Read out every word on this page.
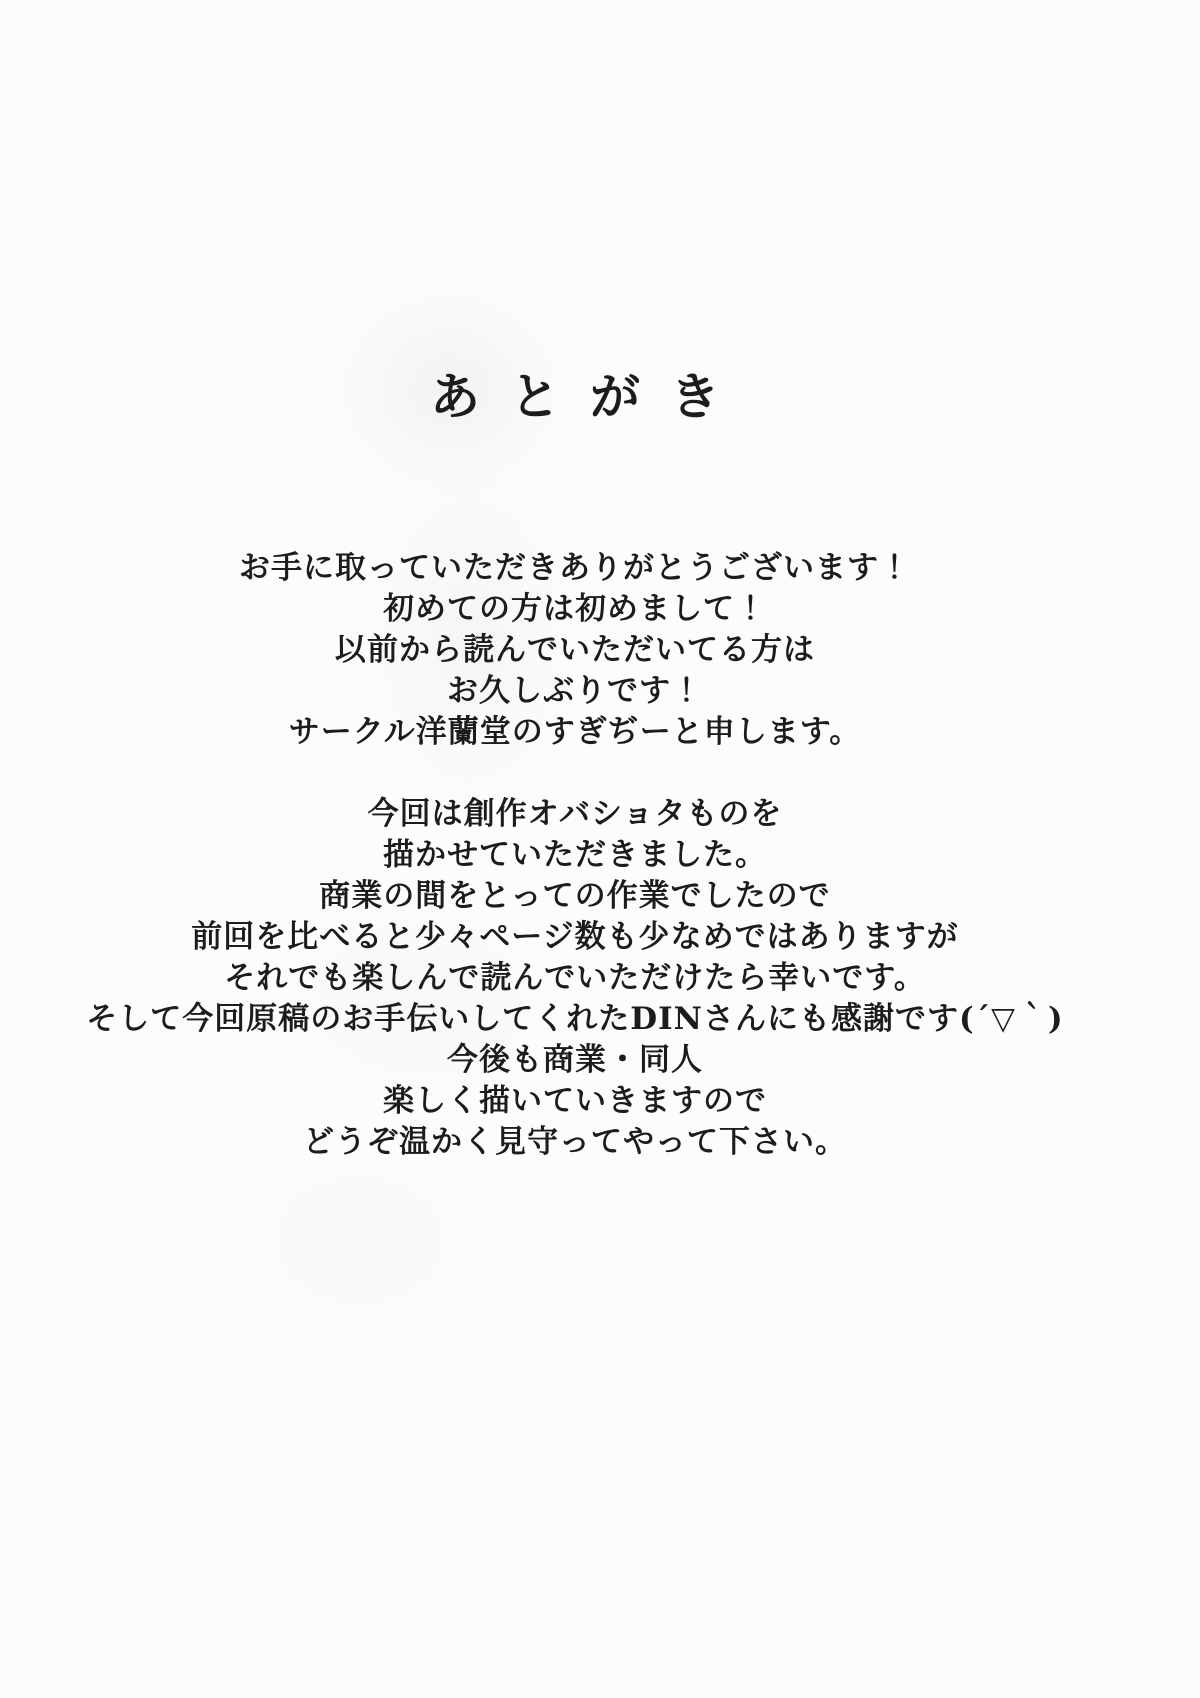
あとがき

お手に取っていただきありがとうございます！

初めての方は初めまして！

以前から読んでいただいてる方は

お久しぶりです！

サークル洋蘭堂のすぎぢーと申します。

今回は創作オバショタものを

描かせていただきました。

商業の間をとっての作業でしたので

前回を比べると少々ページ数も少なめではありますが

それでも楽しんで読んでいただけたら幸いです。

そして今回原稿のお手伝いしてくれたDINさんにも感謝です(´▽｀)

今後も商業・同人

楽しく描いていきますので

どうぞ温かく見守ってやって下さい。
